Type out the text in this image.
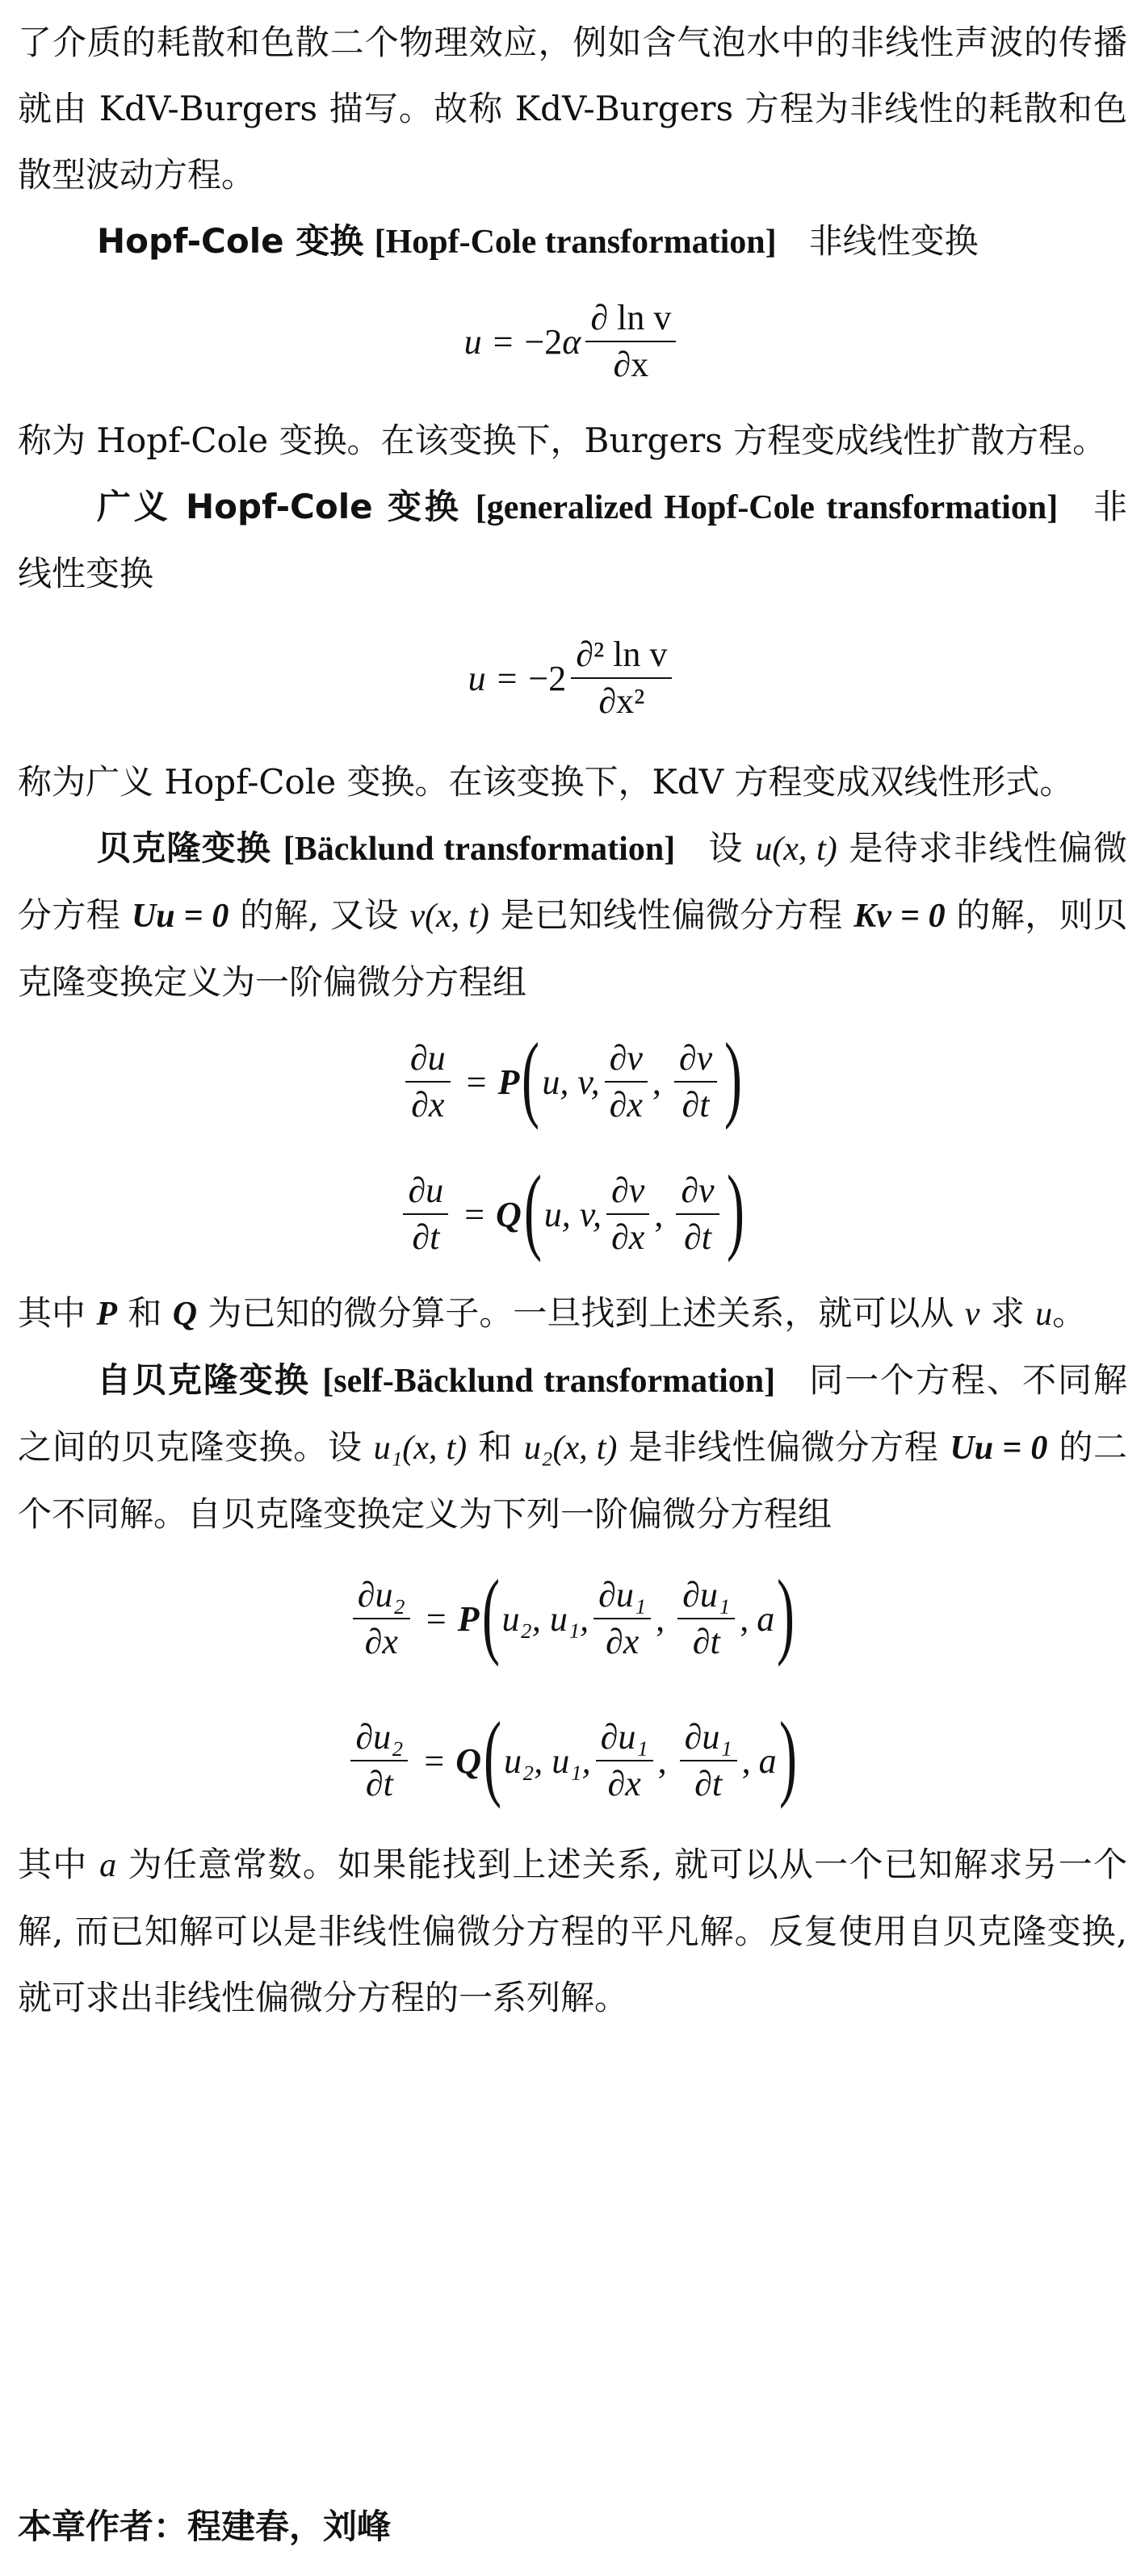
了介质的耗散和色散二个物理效应，例如含气泡水中的非线性声波的传播就由 KdV-Burgers 描写。故称 KdV-Burgers 方程为非线性的耗散和色散型波动方程。

Hopf-Cole 变换 [Hopf-Cole transformation] 非线性变换

u = −2 α $\frac{\text{∂ ln v}}{\partial x}$

称为 Hopf-Cole 变换。在该变换下，Burgers 方程变成线性扩散方程。

广义 Hopf-Cole 变换 [generalized Hopf-Cole transformation] 非线性变换

$u = -2 \frac{\text{∂² ln v}}{\text{∂x²}}$

称为广义 Hopf-Cole 变换。在该变换下，KdV 方程变成双线性形式。

贝克隆变换 [Bäcklund transformation] 设 u(x, t) 是待求非线性偏微分方程 Uu = 0 的解, 又设 v(x, t) 是已知线性偏微分方程 Kv = 0 的解，则贝克隆变换定义为一阶偏微分方程组

$\frac{\partial u}{\partial x} = P$ ( u, v, $\frac{\partial v}{\partial x}$ , $\frac{\partial v}{\partial t}$ )
$\frac{\partial u}{\partial t} = Q$ ( u, v, $\frac{\partial v}{\partial x}$ , $\frac{\partial v}{\partial t}$ )

其中 P 和 Q 为已知的微分算子。一旦找到上述关系，就可以从 v 求 u。

自贝克隆变换 [self-Bäcklund transformation] 同一个方程、不同解之间的贝克隆变换。设 u₁(x, t) 和 u₂(x, t) 是非线性偏微分方程 Uu = 0 的二个不同解。自贝克隆变换定义为下列一阶偏微分方程组

$\frac{\text{∂u₂}}{\partial x} = P$ ( u₂, u₁, $\frac{\text{∂u₁}}{\partial x}$ , $\frac{\text{∂u₁}}{\partial t}$ , a )
$\frac{\text{∂u₂}}{\partial t} = Q$ ( u₂, u₁, $\frac{\text{∂u₁}}{\partial x}$ , $\frac{\text{∂u₁}}{\partial t}$ , a )

其中 a 为任意常数。如果能找到上述关系, 就可以从一个已知解求另一个解, 而已知解可以是非线性偏微分方程的平凡解。反复使用自贝克隆变换, 就可求出非线性偏微分方程的一系列解。

本章作者：程建春，刘峰
